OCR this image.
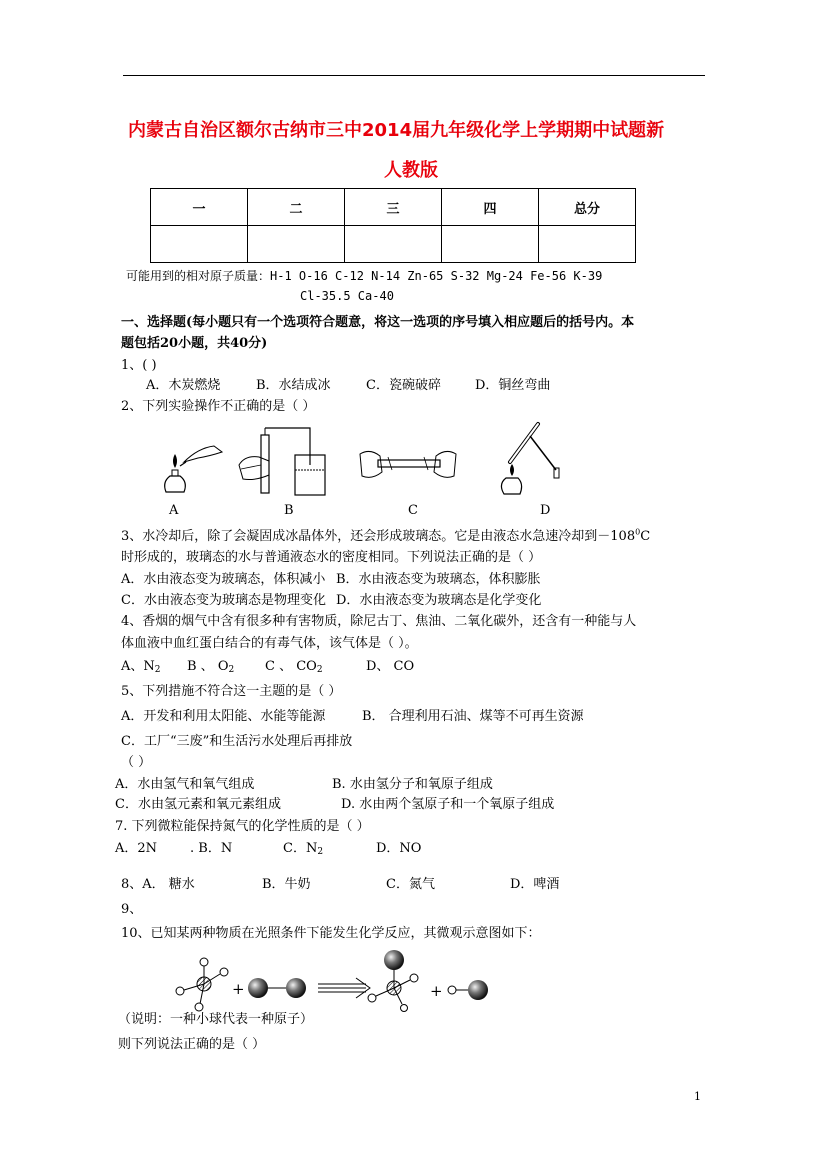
内蒙古自治区额尔古纳市三中2014届九年级化学上学期期中试题新
人教版
一	二	三	四	总分

可能用到的相对原子质量：H-1 O-16 C-12 N-14 Zn-65 S-32 Mg-24 Fe-56 K-39
Cl-35.5 Ca-40
一、选择题(每小题只有一个选项符合题意，将这一选项的序号填入相应题后的括号内。本
题包括20小题，共40分)
1、( )
A．木炭燃烧	B．水结成冰	C．瓷碗破碎	D．铜丝弯曲
2、下列实验操作不正确的是（ ）
A	B	C	D
3、水冷却后，除了会凝固成冰晶体外，还会形成玻璃态。它是由液态水急速冷却到$-108^0C$
时形成的，玻璃态的水与普通液态水的密度相同。下列说法正确的是（ ）
A．水由液态变为玻璃态，体积减小 B．水由液态变为玻璃态，体积膨胀
C．水由液态变为玻璃态是物理变化 D．水由液态变为玻璃态是化学变化
4、香烟的烟气中含有很多种有害物质，除尼古丁、焦油、二氧化碳外，还含有一种能与人
体血液中血红蛋白结合的有毒气体，该气体是（ ）。
A、$N_2$ B 、 $O_2$ C 、 $CO_2$	D、 CO
5、下列措施不符合这一主题的是（ ）
A．开发和利用太阳能、水能等能源	B． 合理利用石油、煤等不可再生资源
C．工厂“三废”和生活污水处理后再排放
（ ）
A．水由氢气和氧气组成	B. 水由氢分子和氧原子组成
C．水由氢元素和氧元素组成	D. 水由两个氢原子和一个氧原子组成
7. 下列微粒能保持氮气的化学性质的是（ ）
A．2N	. B．N	C．$N_2$	D．NO
8、A． 糖水	B．牛奶	C．氮气	D．啤酒
9、
10、已知某两种物质在光照条件下能发生化学反应，其微观示意图如下：
+	+
（说明：一种小球代表一种原子）
则下列说法正确的是（ ）
1
